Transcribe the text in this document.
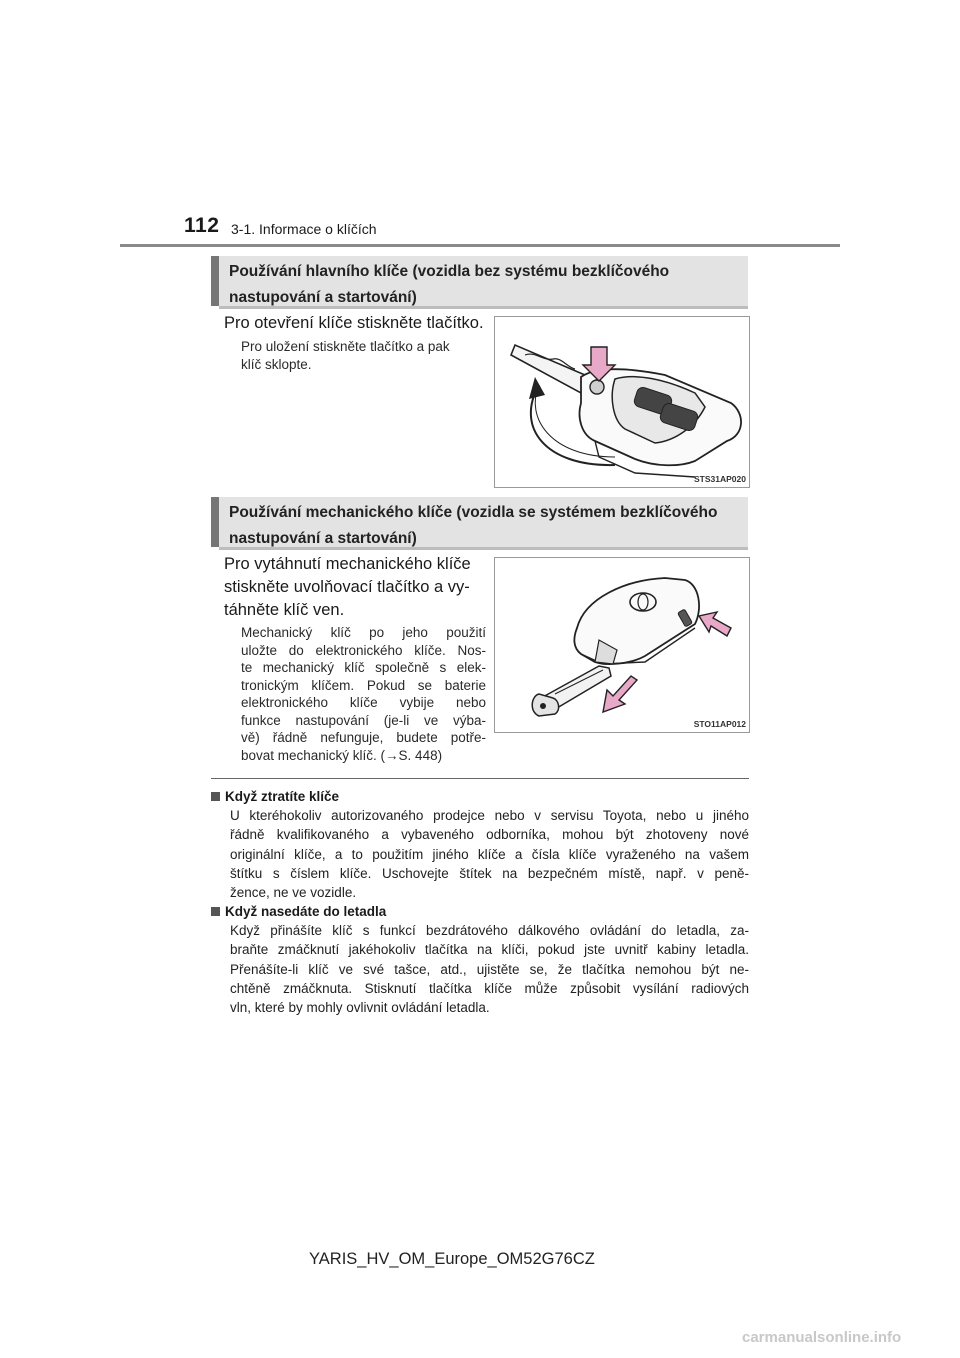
112 3-1. Informace o klíčích
Používání hlavního klíče (vozidla bez systému bezklíčového
nastupování a startování)
Pro otevření klíče stiskněte tlačítko.
Pro uložení stiskněte tlačítko a pak
klíč sklopte.
STS31AP020
Používání mechanického klíče (vozidla se systémem bezklíčového
nastupování a startování)
Pro vytáhnutí mechanického klíče
stiskněte uvolňovací tlačítko a vy-
táhněte klíč ven.
Mechanický klíč po jeho použití
uložte do elektronického klíče. Nos-
te mechanický klíč společně s elek-
tronickým klíčem. Pokud se baterie
elektronického klíče vybije nebo
funkce nastupování (je-li ve výba-
vě) řádně nefunguje, budete potře-
bovat mechanický klíč. (→S. 448)
STO11AP012
Když ztratíte klíče
U kteréhokoliv autorizovaného prodejce nebo v servisu Toyota, nebo u jiného
řádně kvalifikovaného a vybaveného odborníka, mohou být zhotoveny nové
originální klíče, a to použitím jiného klíče a čísla klíče vyraženého na vašem
štítku s číslem klíče. Uschovejte štítek na bezpečném místě, např. v peně-
žence, ne ve vozidle.
Když nasedáte do letadla
Když přinášíte klíč s funkcí bezdrátového dálkového ovládání do letadla, za-
braňte zmáčknutí jakéhokoliv tlačítka na klíči, pokud jste uvnitř kabiny letadla.
Přenášíte-li klíč ve své tašce, atd., ujistěte se, že tlačítka nemohou být ne-
chtěně zmáčknuta. Stisknutí tlačítka klíče může způsobit vysílání radiových
vln, které by mohly ovlivnit ovládání letadla.
YARIS_HV_OM_Europe_OM52G76CZ
carmanualsonline.info
